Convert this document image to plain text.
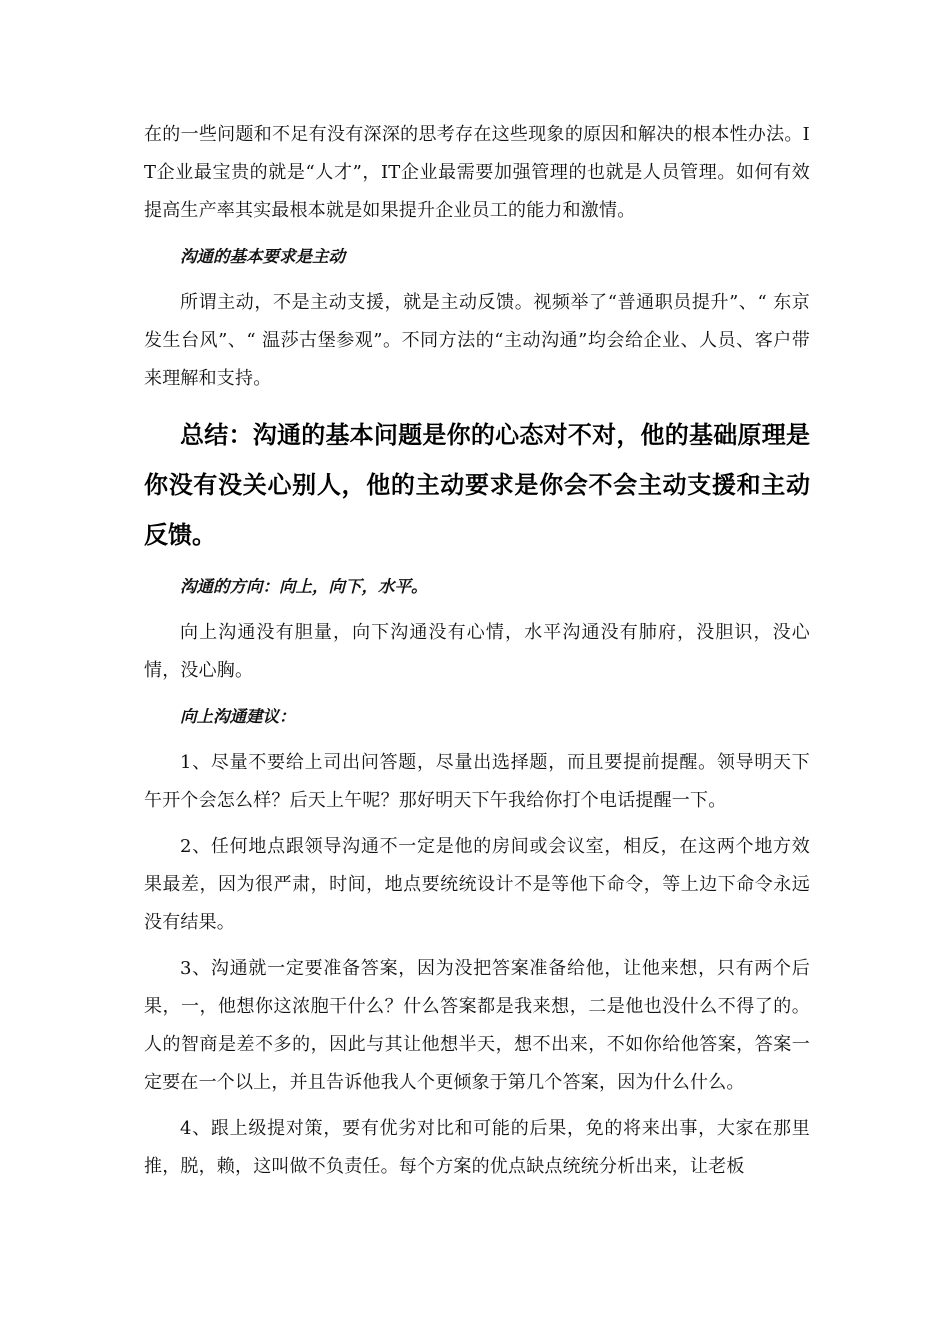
在的一些问题和不足有没有深深的思考存在这些现象的原因和解决的根本性办法。IT企业最宝贵的就是“人才”，IT企业最需要加强管理的也就是人员管理。如何有效提高生产率其实最根本就是如果提升企业员工的能力和激情。

沟通的基本要求是主动

所谓主动，不是主动支援，就是主动反馈。视频举了“普通职员提升”、“ 东京发生台风”、“ 温莎古堡参观”。不同方法的“主动沟通”均会给企业、人员、客户带来理解和支持。

总结：沟通的基本问题是你的心态对不对，他的基础原理是你没有没关心别人，他的主动要求是你会不会主动支援和主动反馈。

沟通的方向：向上，向下，水平。

向上沟通没有胆量，向下沟通没有心情，水平沟通没有肺府，没胆识，没心情，没心胸。

向上沟通建议：

1、尽量不要给上司出问答题，尽量出选择题，而且要提前提醒。领导明天下午开个会怎么样？后天上午呢？那好明天下午我给你打个电话提醒一下。

2、任何地点跟领导沟通不一定是他的房间或会议室，相反，在这两个地方效果最差，因为很严肃，时间，地点要统统设计不是等他下命令，等上边下命令永远没有结果。

3、沟通就一定要准备答案，因为没把答案准备给他，让他来想，只有两个后果，一，他想你这浓胞干什么？什么答案都是我来想，二是他也没什么不得了的。人的智商是差不多的，因此与其让他想半天，想不出来，不如你给他答案，答案一定要在一个以上，并且告诉他我人个更倾象于第几个答案，因为什么什么。

4、跟上级提对策，要有优劣对比和可能的后果，免的将来出事，大家在那里推，脱，赖，这叫做不负责任。每个方案的优点缺点统统分析出来，让老板
